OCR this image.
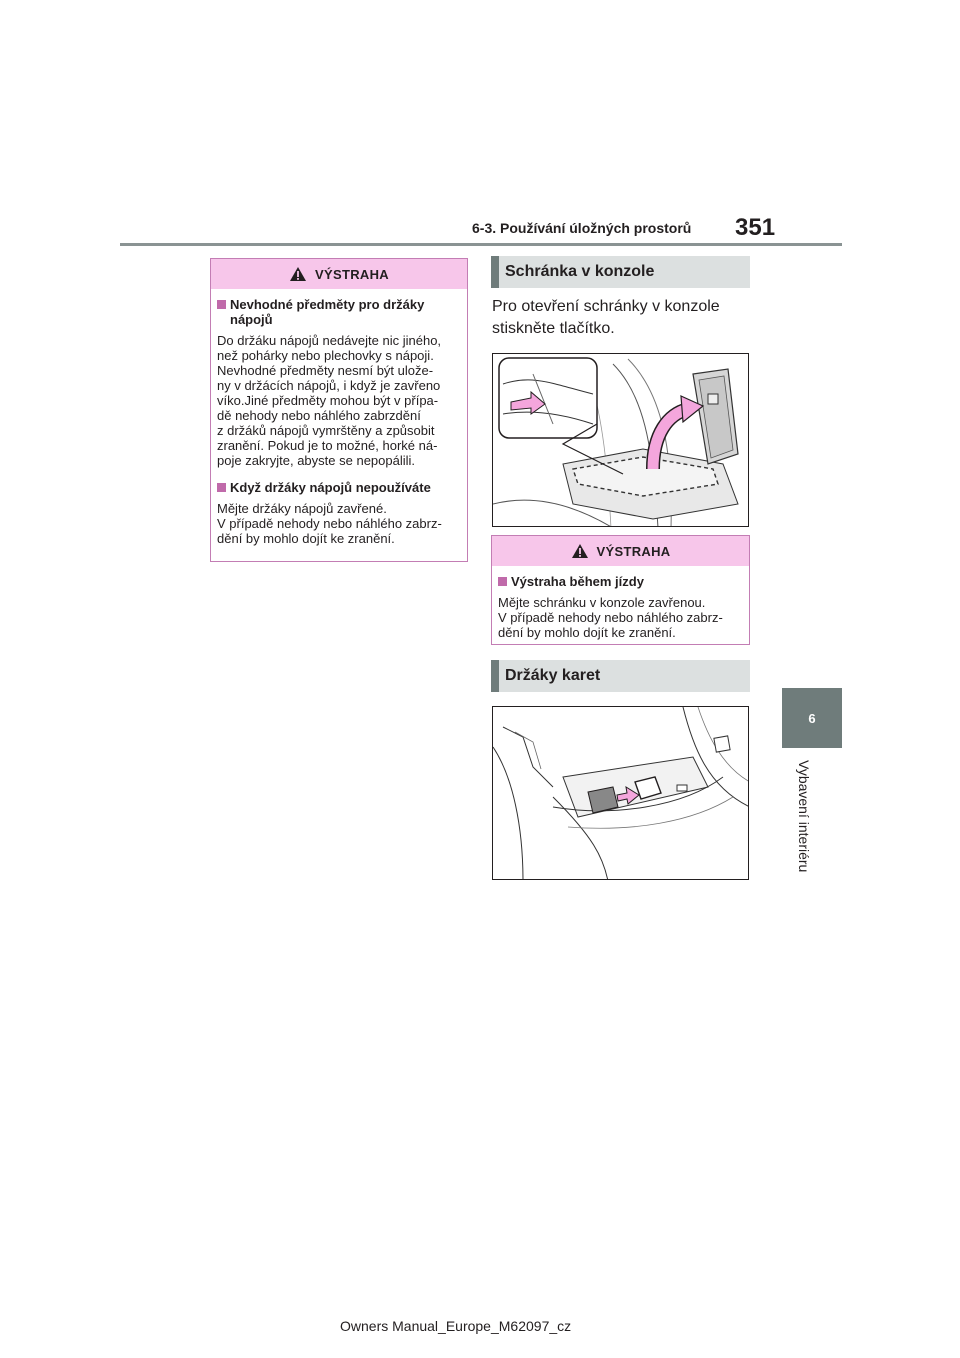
6-3. Používání úložných prostorů 351
6
Vybavení interiéru
VÝSTRAHA
Nevhodné předměty pro držáky nápojů
Do držáku nápojů nedávejte nic jiného,
než pohárky nebo plechovky s nápoji.
Nevhodné předměty nesmí být ulože-
ny v držácích nápojů, i když je zavřeno
víko.Jiné předměty mohou být v přípa-
dě nehody nebo náhlého zabrzdění
z držáků nápojů vymrštěny a způsobit
zranění. Pokud je to možné, horké ná-
poje zakryjte, abyste se nepopálili.
Když držáky nápojů nepoužíváte
Mějte držáky nápojů zavřené.
V případě nehody nebo náhlého zabrz-
dění by mohlo dojít ke zranění.
Schránka v konzole
Pro otevření schránky v konzole
stiskněte tlačítko.
VÝSTRAHA
Výstraha během jízdy
Mějte schránku v konzole zavřenou.
V případě nehody nebo náhlého zabrz-
dění by mohlo dojít ke zranění.
Držáky karet
Owners Manual_Europe_M62097_cz
